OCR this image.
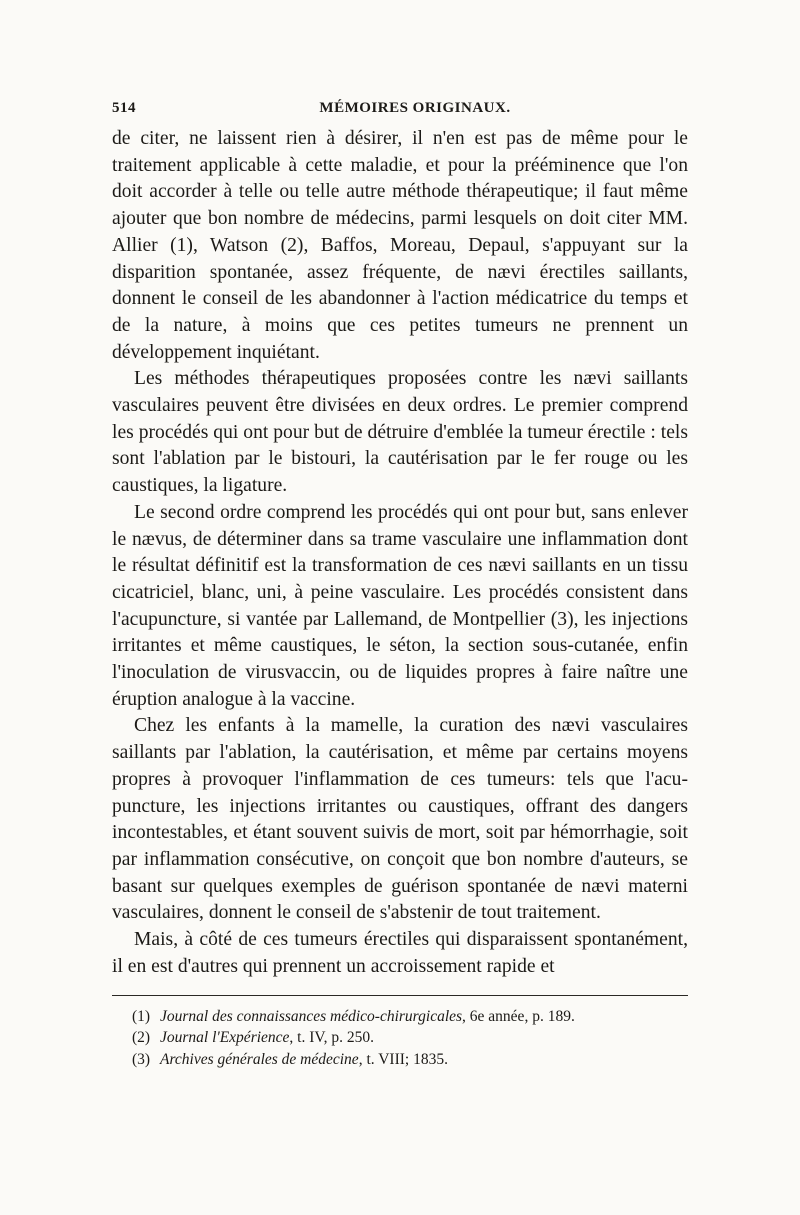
514	MÉMOIRES ORIGINAUX.

de citer, ne laissent rien à désirer, il n'en est pas de même pour le traitement applicable à cette maladie, et pour la prééminence que l'on doit accorder à telle ou telle autre méthode thérapeutique; il faut même ajouter que bon nombre de médecins, parmi lesquels on doit citer MM. Allier (1), Watson (2), Baffos, Moreau, Depaul, s'appuyant sur la disparition spontanée, assez fréquente, de nævi érectiles saillants, donnent le conseil de les abandonner à l'action médicatrice du temps et de la nature, à moins que ces petites tumeurs ne prennent un développement inquiétant.

Les méthodes thérapeutiques proposées contre les nævi saillants vasculaires peuvent être divisées en deux ordres. Le premier comprend les procédés qui ont pour but de détruire d'emblée la tumeur érectile : tels sont l'ablation par le bistouri, la cautérisation par le fer rouge ou les caustiques, la ligature.

Le second ordre comprend les procédés qui ont pour but, sans enlever le nævus, de déterminer dans sa trame vasculaire une inflammation dont le résultat définitif est la transformation de ces nævi saillants en un tissu cicatriciel, blanc, uni, à peine vasculaire. Les procédés consistent dans l'acupuncture, si vantée par Lallemand, de Montpellier (3), les injections irritantes et même caustiques, le séton, la section sous-cutanée, enfin l'inoculation de virusvaccin, ou de liquides propres à faire naître une éruption analogue à la vaccine.

Chez les enfants à la mamelle, la curation des nævi vasculaires saillants par l'ablation, la cautérisation, et même par certains moyens propres à provoquer l'inflammation de ces tumeurs: tels que l'acupuncture, les injections irritantes ou caustiques, offrant des dangers incontestables, et étant souvent suivis de mort, soit par hémorrhagie, soit par inflammation consécutive, on conçoit que bon nombre d'auteurs, se basant sur quelques exemples de guérison spontanée de nævi materni vasculaires, donnent le conseil de s'abstenir de tout traitement.

Mais, à côté de ces tumeurs érectiles qui disparaissent spontanément, il en est d'autres qui prennent un accroissement rapide et

(1) Journal des connaissances médico-chirurgicales, 6e année, p. 189.
(2) Journal l'Expérience, t. IV, p. 250.
(3) Archives générales de médecine, t. VIII; 1835.
